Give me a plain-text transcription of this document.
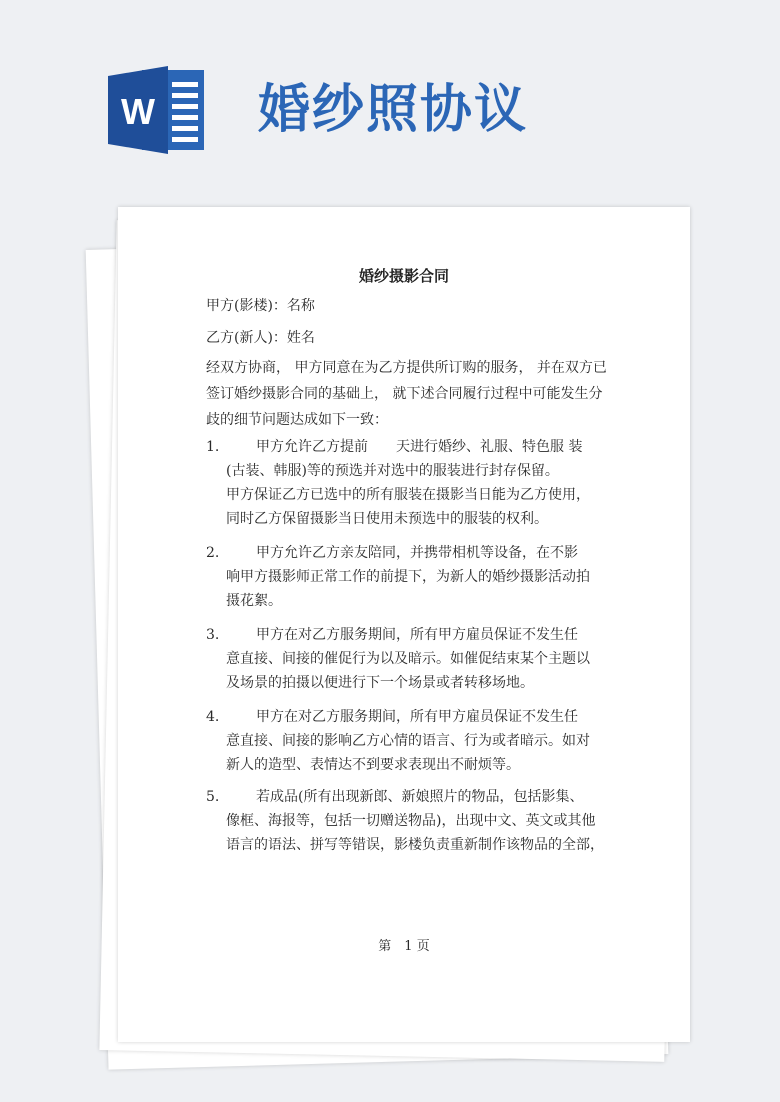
W 婚纱照协议
婚纱摄影合同
甲方(影楼)：名称
乙方(新人)：姓名
经双方协商， 甲方同意在为乙方提供所订购的服务， 并在双方已
签订婚纱摄影合同的基础上， 就下述合同履行过程中可能发生分
歧的细节问题达成如下一致：
1.	甲方允许乙方提前　　天进行婚纱、礼服、特色服 装
(古装、韩服)等的预选并对选中的服装进行封存保留。
甲方保证乙方已选中的所有服装在摄影当日能为乙方使用，
同时乙方保留摄影当日使用未预选中的服装的权利。
2.	甲方允许乙方亲友陪同，并携带相机等设备，在不影
响甲方摄影师正常工作的前提下，为新人的婚纱摄影活动拍
摄花絮。
3.	甲方在对乙方服务期间，所有甲方雇员保证不发生任
意直接、间接的催促行为以及暗示。如催促结束某个主题以
及场景的拍摄以便进行下一个场景或者转移场地。
4.	甲方在对乙方服务期间，所有甲方雇员保证不发生任
意直接、间接的影响乙方心情的语言、行为或者暗示。如对
新人的造型、表情达不到要求表现出不耐烦等。
5.	若成品(所有出现新郎、新娘照片的物品，包括影集、
像框、海报等，包括一切赠送物品)，出现中文、英文或其他
语言的语法、拼写等错误，影楼负责重新制作该物品的全部，
第　1 页
